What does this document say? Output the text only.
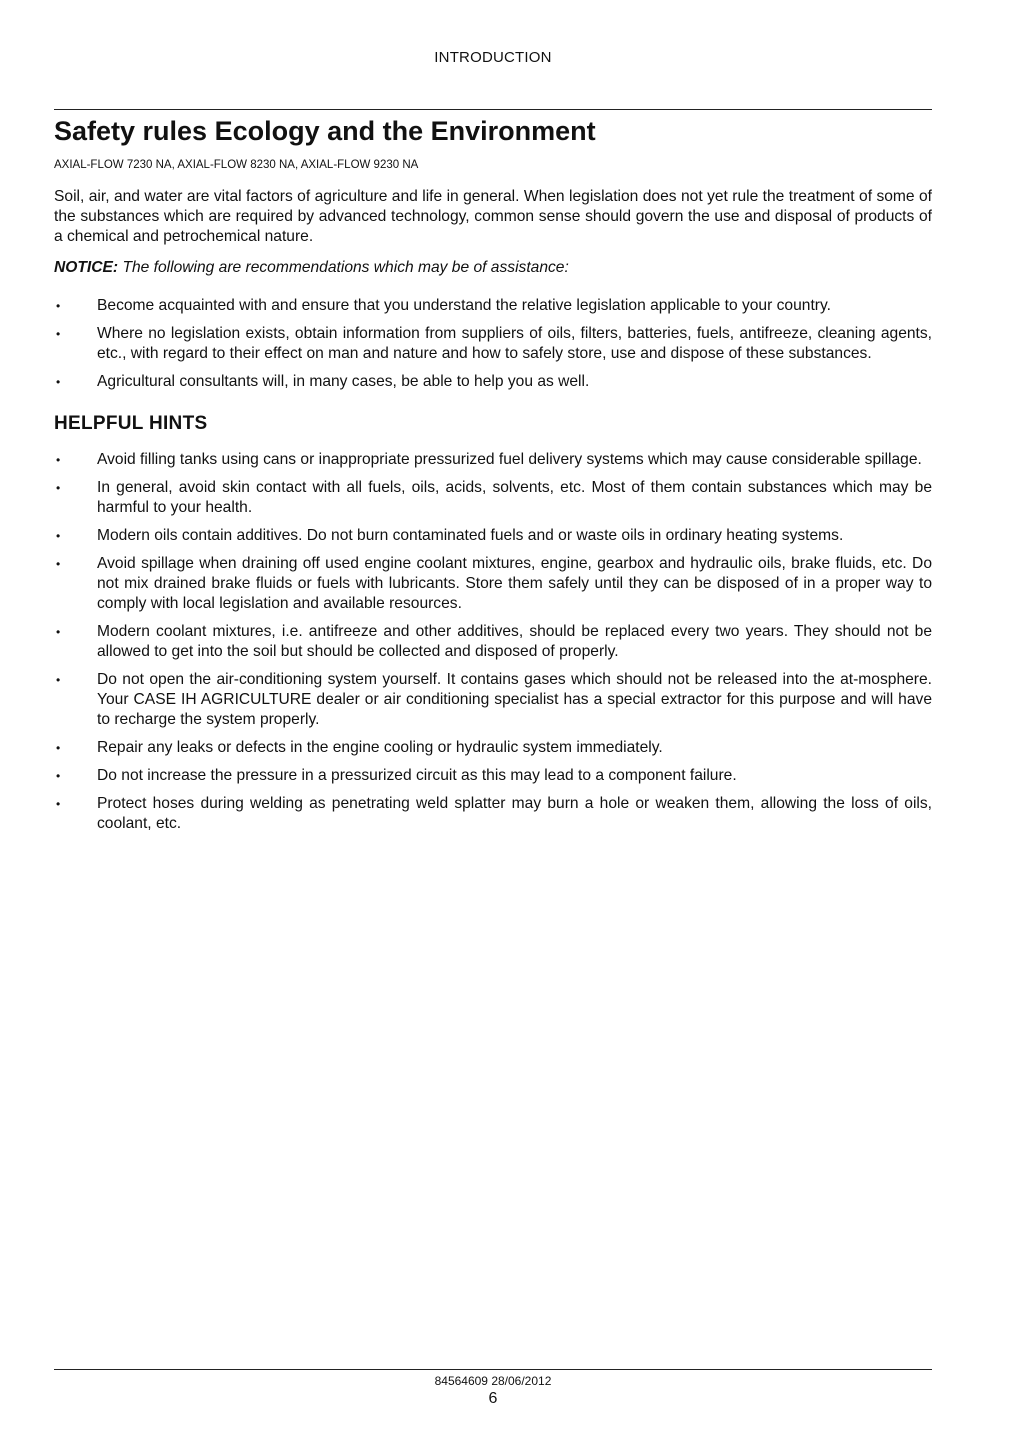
INTRODUCTION
Safety rules Ecology and the Environment
AXIAL-FLOW 7230 NA, AXIAL-FLOW 8230 NA, AXIAL-FLOW 9230 NA
Soil, air, and water are vital factors of agriculture and life in general. When legislation does not yet rule the treatment of some of the substances which are required by advanced technology, common sense should govern the use and disposal of products of a chemical and petrochemical nature.
NOTICE: The following are recommendations which may be of assistance:
• Become acquainted with and ensure that you understand the relative legislation applicable to your country.
• Where no legislation exists, obtain information from suppliers of oils, filters, batteries, fuels, antifreeze, cleaning agents, etc., with regard to their effect on man and nature and how to safely store, use and dispose of these substances.
• Agricultural consultants will, in many cases, be able to help you as well.
HELPFUL HINTS
• Avoid filling tanks using cans or inappropriate pressurized fuel delivery systems which may cause considerable spillage.
• In general, avoid skin contact with all fuels, oils, acids, solvents, etc. Most of them contain substances which may be harmful to your health.
• Modern oils contain additives. Do not burn contaminated fuels and or waste oils in ordinary heating systems.
• Avoid spillage when draining off used engine coolant mixtures, engine, gearbox and hydraulic oils, brake fluids, etc. Do not mix drained brake fluids or fuels with lubricants. Store them safely until they can be disposed of in a proper way to comply with local legislation and available resources.
• Modern coolant mixtures, i.e. antifreeze and other additives, should be replaced every two years. They should not be allowed to get into the soil but should be collected and disposed of properly.
• Do not open the air-conditioning system yourself. It contains gases which should not be released into the at-mosphere. Your CASE IH AGRICULTURE dealer or air conditioning specialist has a special extractor for this purpose and will have to recharge the system properly.
• Repair any leaks or defects in the engine cooling or hydraulic system immediately.
• Do not increase the pressure in a pressurized circuit as this may lead to a component failure.
• Protect hoses during welding as penetrating weld splatter may burn a hole or weaken them, allowing the loss of oils, coolant, etc.
84564609 28/06/2012
6
